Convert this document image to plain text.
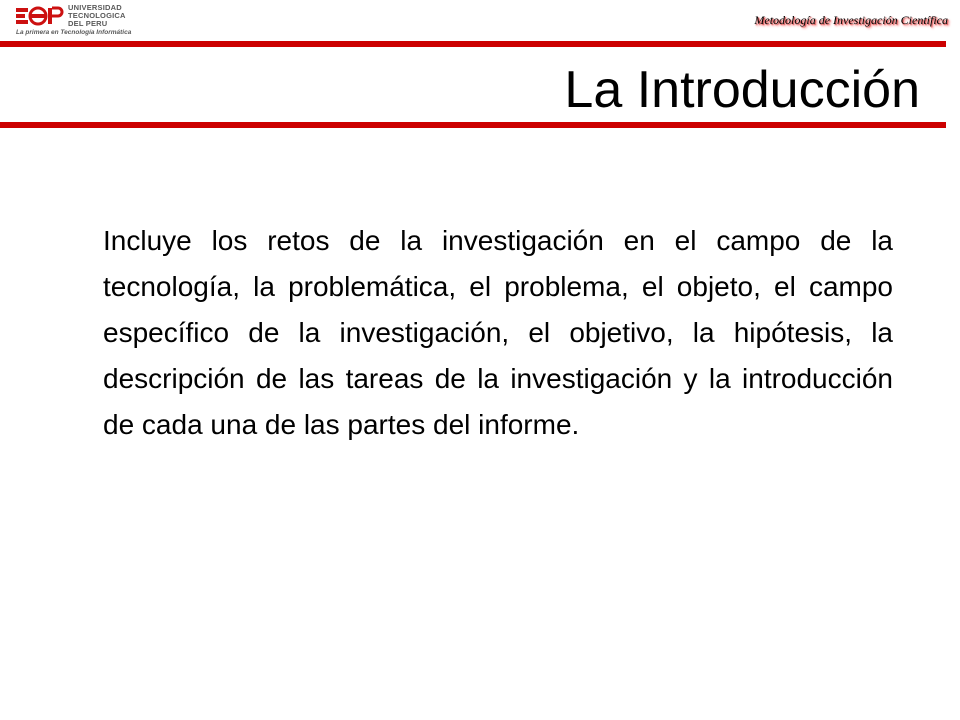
UNIVERSIDAD
TECNOLOGICA
DEL PERU
La primera en Tecnología Informática
Metodología de Investigación Científica
La Introducción

Incluye los retos de la investigación en el campo de la tecnología, la problemática, el problema, el objeto, el campo específico de la investigación, el objetivo, la hipótesis, la descripción de las tareas de la investigación y la introducción de cada una de las partes del informe.
